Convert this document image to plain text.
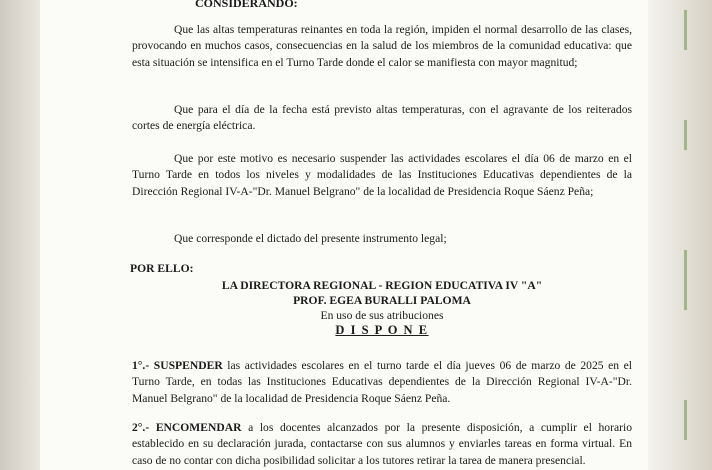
CONSIDERANDO:

Que las altas temperaturas reinantes en toda la región, impiden el normal desarrollo de las clases, provocando en muchos casos, consecuencias en la salud de los miembros de la comunidad educativa: que esta situación se intensifica en el Turno Tarde donde el calor se manifiesta con mayor magnitud;

Que para el día de la fecha está previsto altas temperaturas, con el agravante de los reiterados cortes de energía eléctrica.

Que por este motivo es necesario suspender las actividades escolares el día 06 de marzo en el Turno Tarde en todos los niveles y modalidades de las Instituciones Educativas dependientes de la Dirección Regional IV-A-"Dr. Manuel Belgrano" de la localidad de Presidencia Roque Sáenz Peña;

Que corresponde el dictado del presente instrumento legal;

POR ELLO:

LA DIRECTORA REGIONAL - REGION EDUCATIVA IV "A"

PROF. EGEA BURALLI PALOMA

En uso de sus atribuciones

D I S P O N E

1°.- SUSPENDER las actividades escolares en el turno tarde el día jueves 06 de marzo de 2025 en el Turno Tarde, en todas las Instituciones Educativas dependientes de la Dirección Regional IV-A-"Dr. Manuel Belgrano" de la localidad de Presidencia Roque Sáenz Peña.

2°.- ENCOMENDAR a los docentes alcanzados por la presente disposición, a cumplir el horario establecido en su declaración jurada, contactarse con sus alumnos y enviarles tareas en forma virtual. En caso de no contar con dicha posibilidad solicitar a los tutores retirar la tarea de manera presencial.
